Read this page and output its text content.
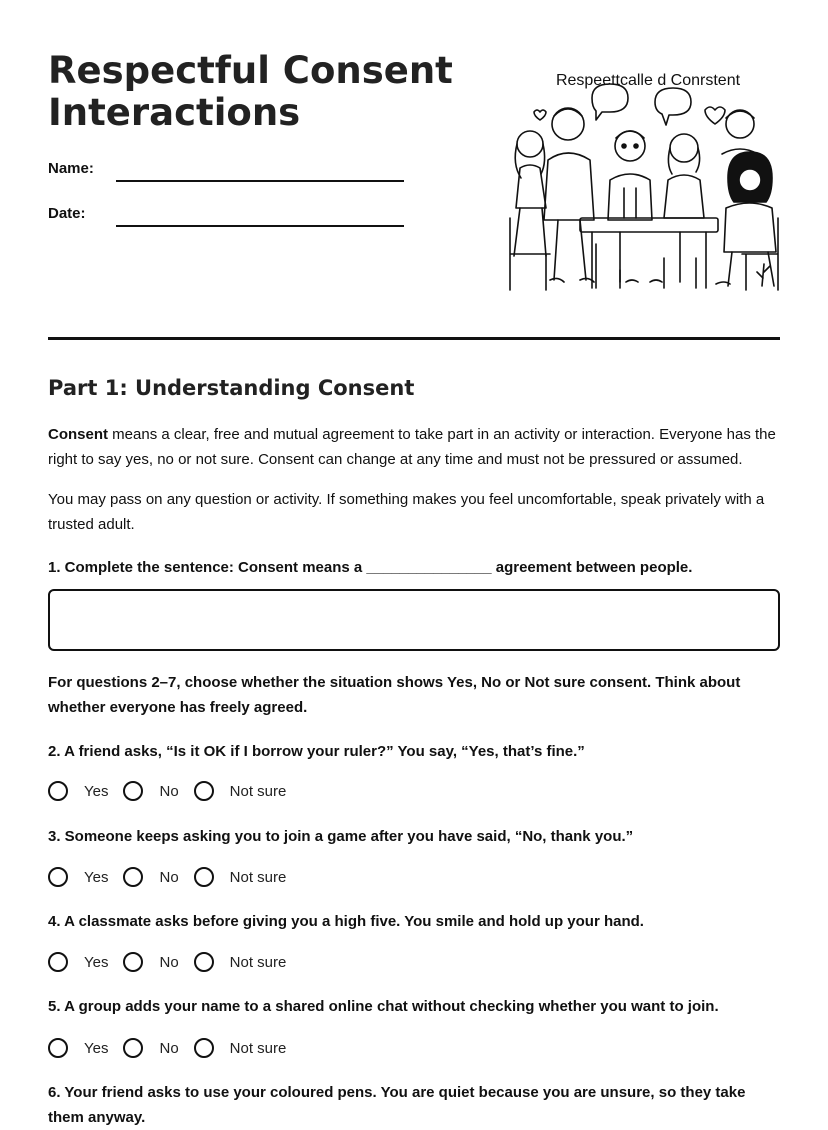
Respectful Consent
Interactions
Name:
Date:
Respeettcalle d Conrstent
Part 1: Understanding Consent

Consent means a clear, free and mutual agreement to take part in an activity or interaction. Everyone has the right to say yes, no or not sure. Consent can change at any time and must not be pressured or assumed.

You may pass on any question or activity. If something makes you feel uncomfortable, speak privately with a trusted adult.

1. Complete the sentence: Consent means a _______________ agreement between people.

For questions 2–7, choose whether the situation shows Yes, No or Not sure consent. Think about whether everyone has freely agreed.

2. A friend asks, “Is it OK if I borrow your ruler?” You say, “Yes, that’s fine.”

Yes	No	Not sure

3. Someone keeps asking you to join a game after you have said, “No, thank you.”

Yes	No	Not sure

4. A classmate asks before giving you a high five. You smile and hold up your hand.

Yes	No	Not sure

5. A group adds your name to a shared online chat without checking whether you want to join.

Yes	No	Not sure

6. Your friend asks to use your coloured pens. You are quiet because you are unsure, so they take them anyway.
